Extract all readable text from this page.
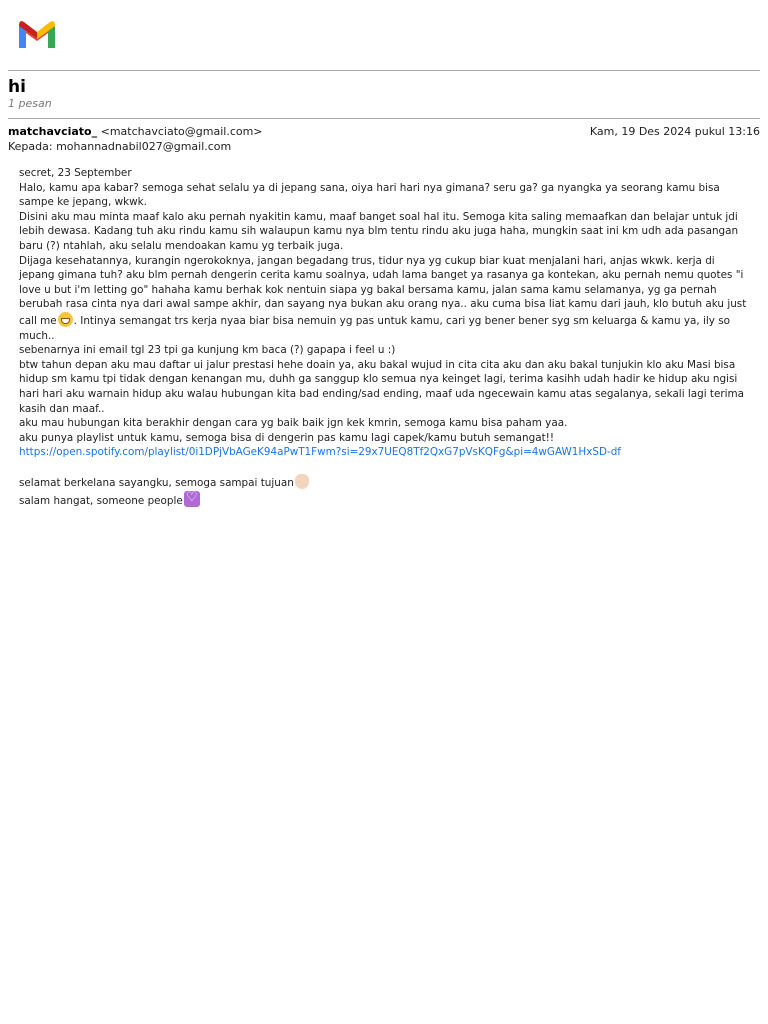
hi
1 pesan
matchavciato_ <matchavciato@gmail.com>	Kam, 19 Des 2024 pukul 13:16
Kepada: mohannadnabil027@gmail.com

secret, 23 September

Halo, kamu apa kabar? semoga sehat selalu ya di jepang sana, oiya hari hari nya gimana? seru ga? ga nyangka ya seorang kamu bisa sampe ke jepang, wkwk.

Disini aku mau minta maaf kalo aku pernah nyakitin kamu, maaf banget soal hal itu. Semoga kita saling memaafkan dan belajar untuk jdi lebih dewasa. Kadang tuh aku rindu kamu sih walaupun kamu nya blm tentu rindu aku juga haha, mungkin saat ini km udh ada pasangan baru (?) ntahlah, aku selalu mendoakan kamu yg terbaik juga.

Dijaga kesehatannya, kurangin ngerokoknya, jangan begadang trus, tidur nya yg cukup biar kuat menjalani hari, anjas wkwk. kerja di jepang gimana tuh? aku blm pernah dengerin cerita kamu soalnya, udah lama banget ya rasanya ga kontekan, aku pernah nemu quotes "i love u but i'm letting go" hahaha kamu berhak kok nentuin siapa yg bakal bersama kamu, jalan sama kamu selamanya, yg ga pernah berubah rasa cinta nya dari awal sampe akhir, dan sayang nya bukan aku orang nya.. aku cuma bisa liat kamu dari jauh, klo butuh aku just call me . Intinya semangat trs kerja nyaa biar bisa nemuin yg pas untuk kamu, cari yg bener bener syg sm keluarga & kamu ya, ily so much..

sebenarnya ini email tgl 23 tpi ga kunjung km baca (?) gapapa i feel u :)

btw tahun depan aku mau daftar ui jalur prestasi hehe doain ya, aku bakal wujud in cita cita aku dan aku bakal tunjukin klo aku Masi bisa hidup sm kamu tpi tidak dengan kenangan mu, duhh ga sanggup klo semua nya keinget lagi, terima kasihh udah hadir ke hidup aku ngisi hari hari aku warnain hidup aku walau hubungan kita bad ending/sad ending, maaf uda ngecewain kamu atas segalanya, sekali lagi terima kasih dan maaf..

aku mau hubungan kita berakhir dengan cara yg baik baik jgn kek kmrin, semoga kamu bisa paham yaa.

aku punya playlist untuk kamu, semoga bisa di dengerin pas kamu lagi capek/kamu butuh semangat!!

https://open.spotify.com/playlist/0i1DPjVbAGeK94aPwT1Fwm?si=29x7UEQ8Tf2QxG7pVsKQFg&pi=4wGAW1HxSD-df

selamat berkelana sayangku, semoga sampai tujuan

salam hangat, someone people♡
